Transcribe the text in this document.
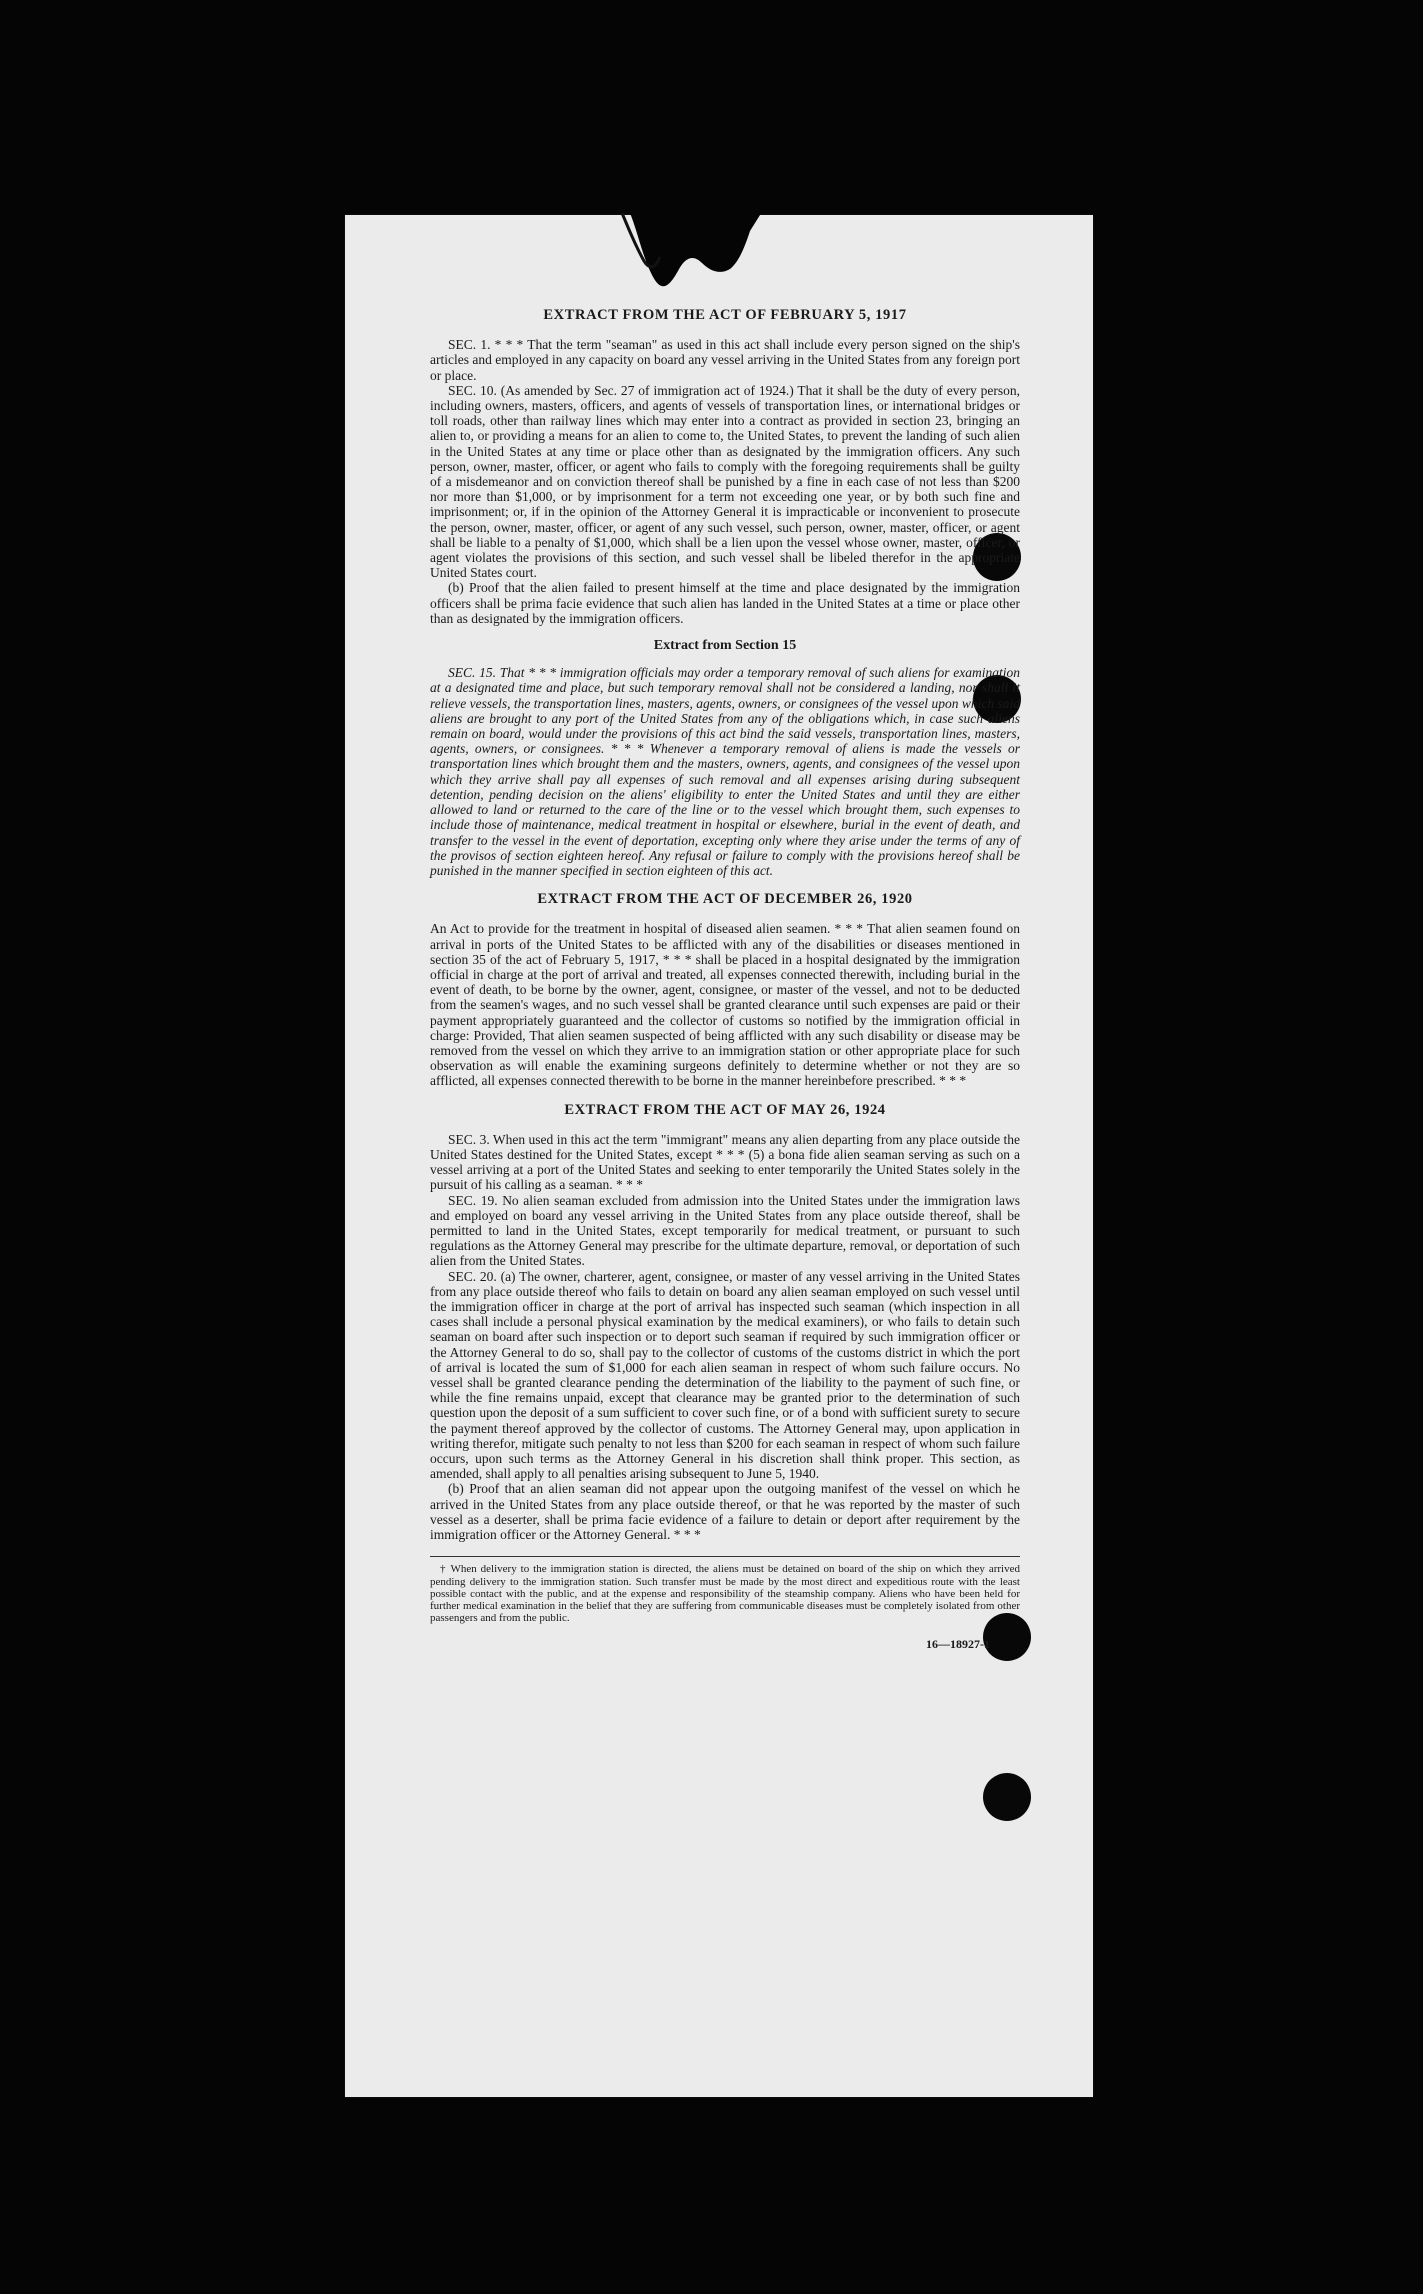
EXTRACT FROM THE ACT OF FEBRUARY 5, 1917

SEC. 1. * * * That the term "seaman" as used in this act shall include every person signed on the ship's articles and employed in any capacity on board any vessel arriving in the United States from any foreign port or place.

SEC. 10. (As amended by Sec. 27 of immigration act of 1924.) That it shall be the duty of every person, including owners, masters, officers, and agents of vessels of transportation lines, or international bridges or toll roads, other than railway lines which may enter into a contract as provided in section 23, bringing an alien to, or providing a means for an alien to come to, the United States, to prevent the landing of such alien in the United States at any time or place other than as designated by the immigration officers. Any such person, owner, master, officer, or agent who fails to comply with the foregoing requirements shall be guilty of a misdemeanor and on conviction thereof shall be punished by a fine in each case of not less than $200 nor more than $1,000, or by imprisonment for a term not exceeding one year, or by both such fine and imprisonment; or, if in the opinion of the Attorney General it is impracticable or inconvenient to prosecute the person, owner, master, officer, or agent of any such vessel, such person, owner, master, officer, or agent shall be liable to a penalty of $1,000, which shall be a lien upon the vessel whose owner, master, officer, or agent violates the provisions of this section, and such vessel shall be libeled therefor in the appropriate United States court.

(b) Proof that the alien failed to present himself at the time and place designated by the immigration officers shall be prima facie evidence that such alien has landed in the United States at a time or place other than as designated by the immigration officers.

Extract from Section 15

SEC. 15. That * * * immigration officials may order a temporary removal of such aliens for examination at a designated time and place, but such temporary removal shall not be considered a landing, nor shall it relieve vessels, the transportation lines, masters, agents, owners, or consignees of the vessel upon which said aliens are brought to any port of the United States from any of the obligations which, in case such aliens remain on board, would under the provisions of this act bind the said vessels, transportation lines, masters, agents, owners, or consignees. * * * Whenever a temporary removal of aliens is made the vessels or transportation lines which brought them and the masters, owners, agents, and consignees of the vessel upon which they arrive shall pay all expenses of such removal and all expenses arising during subsequent detention, pending decision on the aliens' eligibility to enter the United States and until they are either allowed to land or returned to the care of the line or to the vessel which brought them, such expenses to include those of maintenance, medical treatment in hospital or elsewhere, burial in the event of death, and transfer to the vessel in the event of deportation, excepting only where they arise under the terms of any of the provisos of section eighteen hereof. Any refusal or failure to comply with the provisions hereof shall be punished in the manner specified in section eighteen of this act.

EXTRACT FROM THE ACT OF DECEMBER 26, 1920

An Act to provide for the treatment in hospital of diseased alien seamen. * * * That alien seamen found on arrival in ports of the United States to be afflicted with any of the disabilities or diseases mentioned in section 35 of the act of February 5, 1917, * * * shall be placed in a hospital designated by the immigration official in charge at the port of arrival and treated, all expenses connected therewith, including burial in the event of death, to be borne by the owner, agent, consignee, or master of the vessel, and not to be deducted from the seamen's wages, and no such vessel shall be granted clearance until such expenses are paid or their payment appropriately guaranteed and the collector of customs so notified by the immigration official in charge: Provided, That alien seamen suspected of being afflicted with any such disability or disease may be removed from the vessel on which they arrive to an immigration station or other appropriate place for such observation as will enable the examining surgeons definitely to determine whether or not they are so afflicted, all expenses connected therewith to be borne in the manner hereinbefore prescribed. * * *

EXTRACT FROM THE ACT OF MAY 26, 1924

SEC. 3. When used in this act the term "immigrant" means any alien departing from any place outside the United States destined for the United States, except * * * (5) a bona fide alien seaman serving as such on a vessel arriving at a port of the United States and seeking to enter temporarily the United States solely in the pursuit of his calling as a seaman. * * *

SEC. 19. No alien seaman excluded from admission into the United States under the immigration laws and employed on board any vessel arriving in the United States from any place outside thereof, shall be permitted to land in the United States, except temporarily for medical treatment, or pursuant to such regulations as the Attorney General may prescribe for the ultimate departure, removal, or deportation of such alien from the United States.

SEC. 20. (a) The owner, charterer, agent, consignee, or master of any vessel arriving in the United States from any place outside thereof who fails to detain on board any alien seaman employed on such vessel until the immigration officer in charge at the port of arrival has inspected such seaman (which inspection in all cases shall include a personal physical examination by the medical examiners), or who fails to detain such seaman on board after such inspection or to deport such seaman if required by such immigration officer or the Attorney General to do so, shall pay to the collector of customs of the customs district in which the port of arrival is located the sum of $1,000 for each alien seaman in respect of whom such failure occurs. No vessel shall be granted clearance pending the determination of the liability to the payment of such fine, or while the fine remains unpaid, except that clearance may be granted prior to the determination of such question upon the deposit of a sum sufficient to cover such fine, or of a bond with sufficient surety to secure the payment thereof approved by the collector of customs. The Attorney General may, upon application in writing therefor, mitigate such penalty to not less than $200 for each seaman in respect of whom such failure occurs, upon such terms as the Attorney General in his discretion shall think proper. This section, as amended, shall apply to all penalties arising subsequent to June 5, 1940.

(b) Proof that an alien seaman did not appear upon the outgoing manifest of the vessel on which he arrived in the United States from any place outside thereof, or that he was reported by the master of such vessel as a deserter, shall be prima facie evidence of a failure to detain or deport after requirement by the immigration officer or the Attorney General. * * *

† When delivery to the immigration station is directed, the aliens must be detained on board of the ship on which they arrived pending delivery to the immigration station. Such transfer must be made by the most direct and expeditious route with the least possible contact with the public, and at the expense and responsibility of the steamship company. Aliens who have been held for further medical examination in the belief that they are suffering from communicable diseases must be completely isolated from other passengers and from the public.

16—18927-1
